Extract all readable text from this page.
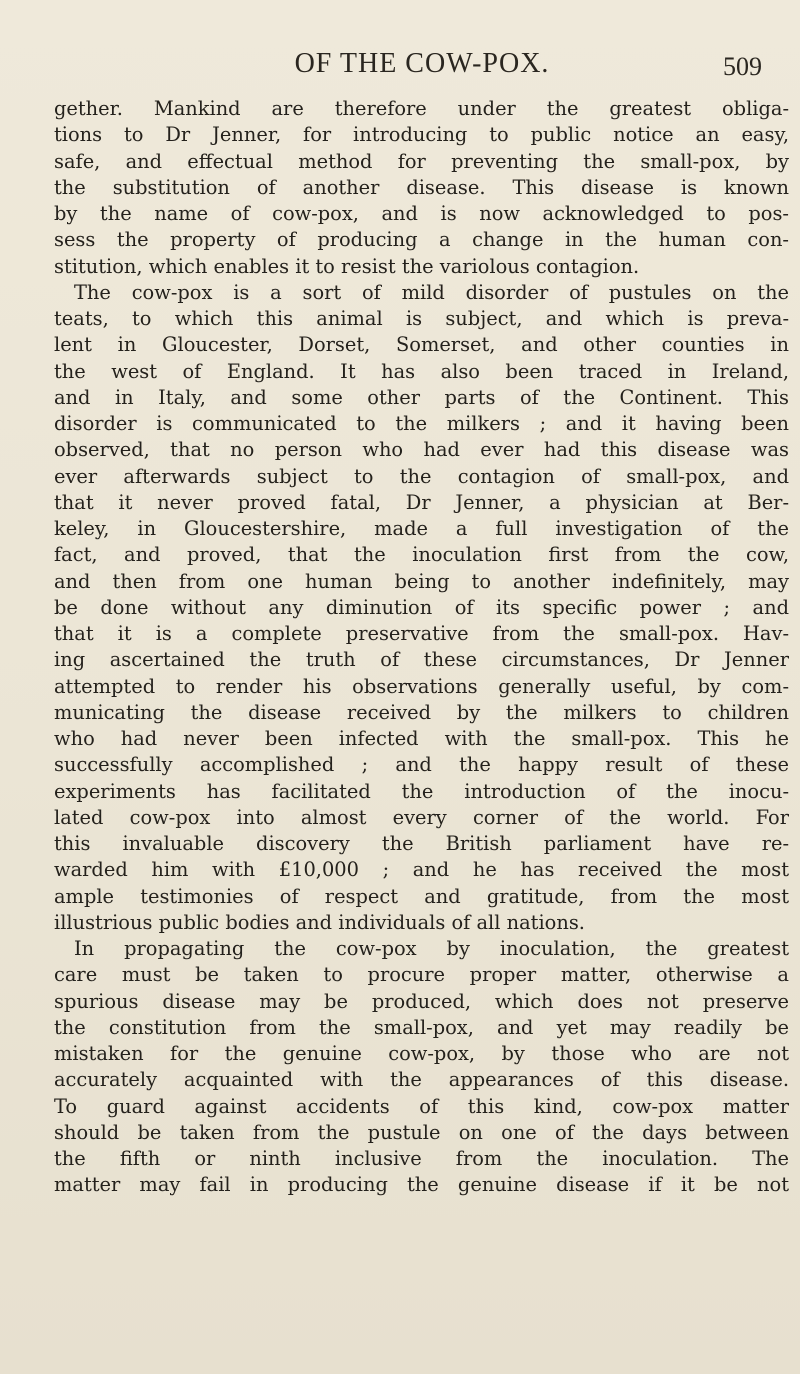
OF THE COW-POX.	509
gether. Mankind are therefore under the greatest obliga-
tions to Dr Jenner, for introducing to public notice an easy,
safe, and effectual method for preventing the small-pox, by
the substitution of another disease. This disease is known
by the name of cow-pox, and is now acknowledged to pos-
sess the property of producing a change in the human con-
stitution, which enables it to resist the variolous contagion.
The cow-pox is a sort of mild disorder of pustules on the
teats, to which this animal is subject, and which is preva-
lent in Gloucester, Dorset, Somerset, and other counties in
the west of England. It has also been traced in Ireland,
and in Italy, and some other parts of the Continent. This
disorder is communicated to the milkers ; and it having been
observed, that no person who had ever had this disease was
ever afterwards subject to the contagion of small-pox, and
that it never proved fatal, Dr Jenner, a physician at Ber-
keley, in Gloucestershire, made a full investigation of the
fact, and proved, that the inoculation first from the cow,
and then from one human being to another indefinitely, may
be done without any diminution of its specific power ; and
that it is a complete preservative from the small-pox. Hav-
ing ascertained the truth of these circumstances, Dr Jenner
attempted to render his observations generally useful, by com-
municating the disease received by the milkers to children
who had never been infected with the small-pox. This he
successfully accomplished ; and the happy result of these
experiments has facilitated the introduction of the inocu-
lated cow-pox into almost every corner of the world. For
this invaluable discovery the British parliament have re-
warded him with £10,000 ; and he has received the most
ample testimonies of respect and gratitude, from the most
illustrious public bodies and individuals of all nations.
In propagating the cow-pox by inoculation, the greatest
care must be taken to procure proper matter, otherwise a
spurious disease may be produced, which does not preserve
the constitution from the small-pox, and yet may readily be
mistaken for the genuine cow-pox, by those who are not
accurately acquainted with the appearances of this disease.
To guard against accidents of this kind, cow-pox matter
should be taken from the pustule on one of the days between
the fifth or ninth inclusive from the inoculation. The
matter may fail in producing the genuine disease if it be not
